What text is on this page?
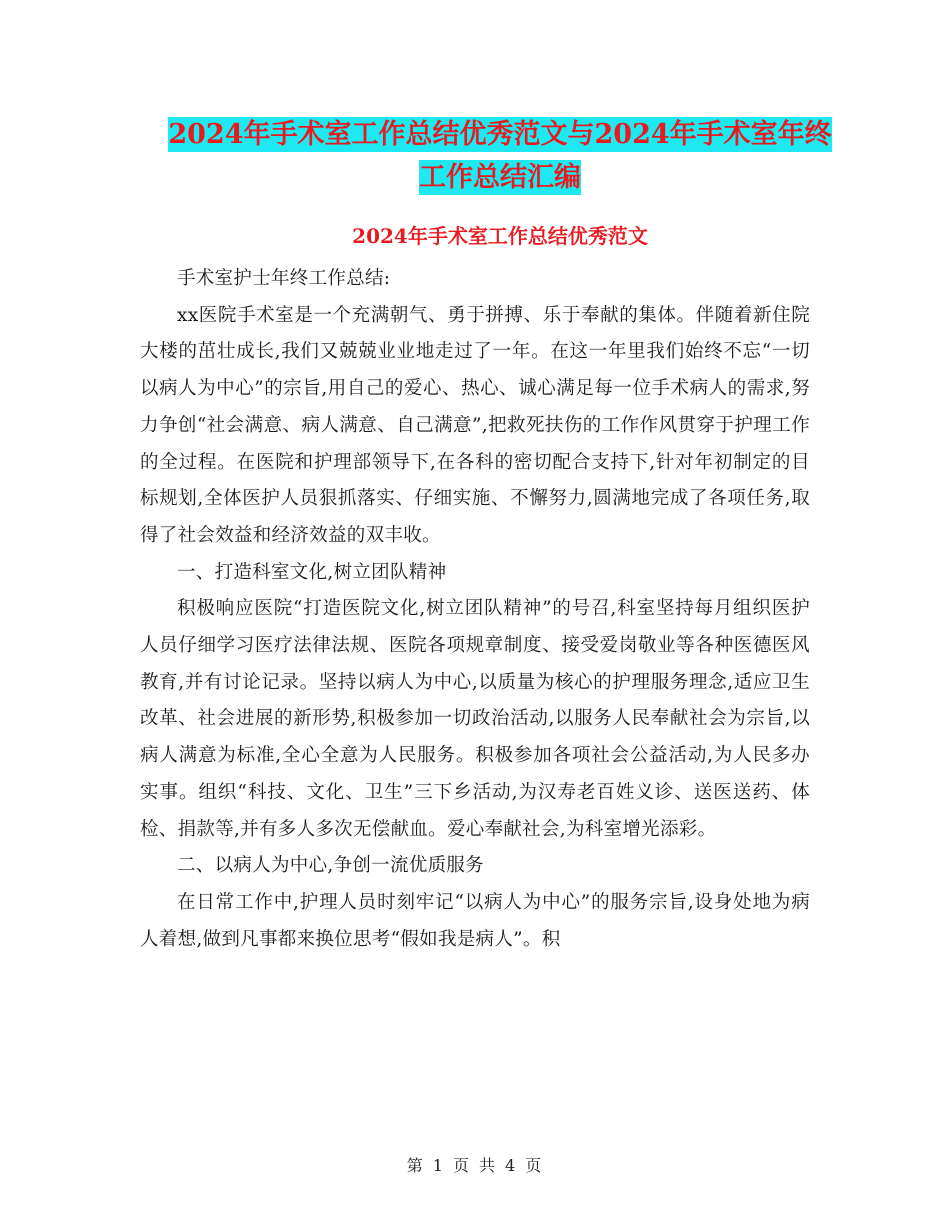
2024年手术室工作总结优秀范文与2024年手术室年终
工作总结汇编
2024年手术室工作总结优秀范文

手术室护士年终工作总结:

xx医院手术室是一个充满朝气、勇于拼搏、乐于奉献的集体。伴随着新住院大楼的茁壮成长,我们又兢兢业业地走过了一年。在这一年里我们始终不忘“一切以病人为中心”的宗旨,用自己的爱心、热心、诚心满足每一位手术病人的需求,努力争创“社会满意、病人满意、自己满意”,把救死扶伤的工作作风贯穿于护理工作的全过程。在医院和护理部领导下,在各科的密切配合支持下,针对年初制定的目标规划,全体医护人员狠抓落实、仔细实施、不懈努力,圆满地完成了各项任务,取得了社会效益和经济效益的双丰收。

一、打造科室文化,树立团队精神

积极响应医院“打造医院文化,树立团队精神”的号召,科室坚持每月组织医护人员仔细学习医疗法律法规、医院各项规章制度、接受爱岗敬业等各种医德医风教育,并有讨论记录。坚持以病人为中心,以质量为核心的护理服务理念,适应卫生改革、社会进展的新形势,积极参加一切政治活动,以服务人民奉献社会为宗旨,以病人满意为标准,全心全意为人民服务。积极参加各项社会公益活动,为人民多办实事。组织“科技、文化、卫生”三下乡活动,为汉寿老百姓义诊、送医送药、体检、捐款等,并有多人多次无偿献血。爱心奉献社会,为科室增光添彩。

二、以病人为中心,争创一流优质服务

在日常工作中,护理人员时刻牢记“以病人为中心”的服务宗旨,设身处地为病人着想,做到凡事都来换位思考“假如我是病人”。积

第 1 页 共 4 页
